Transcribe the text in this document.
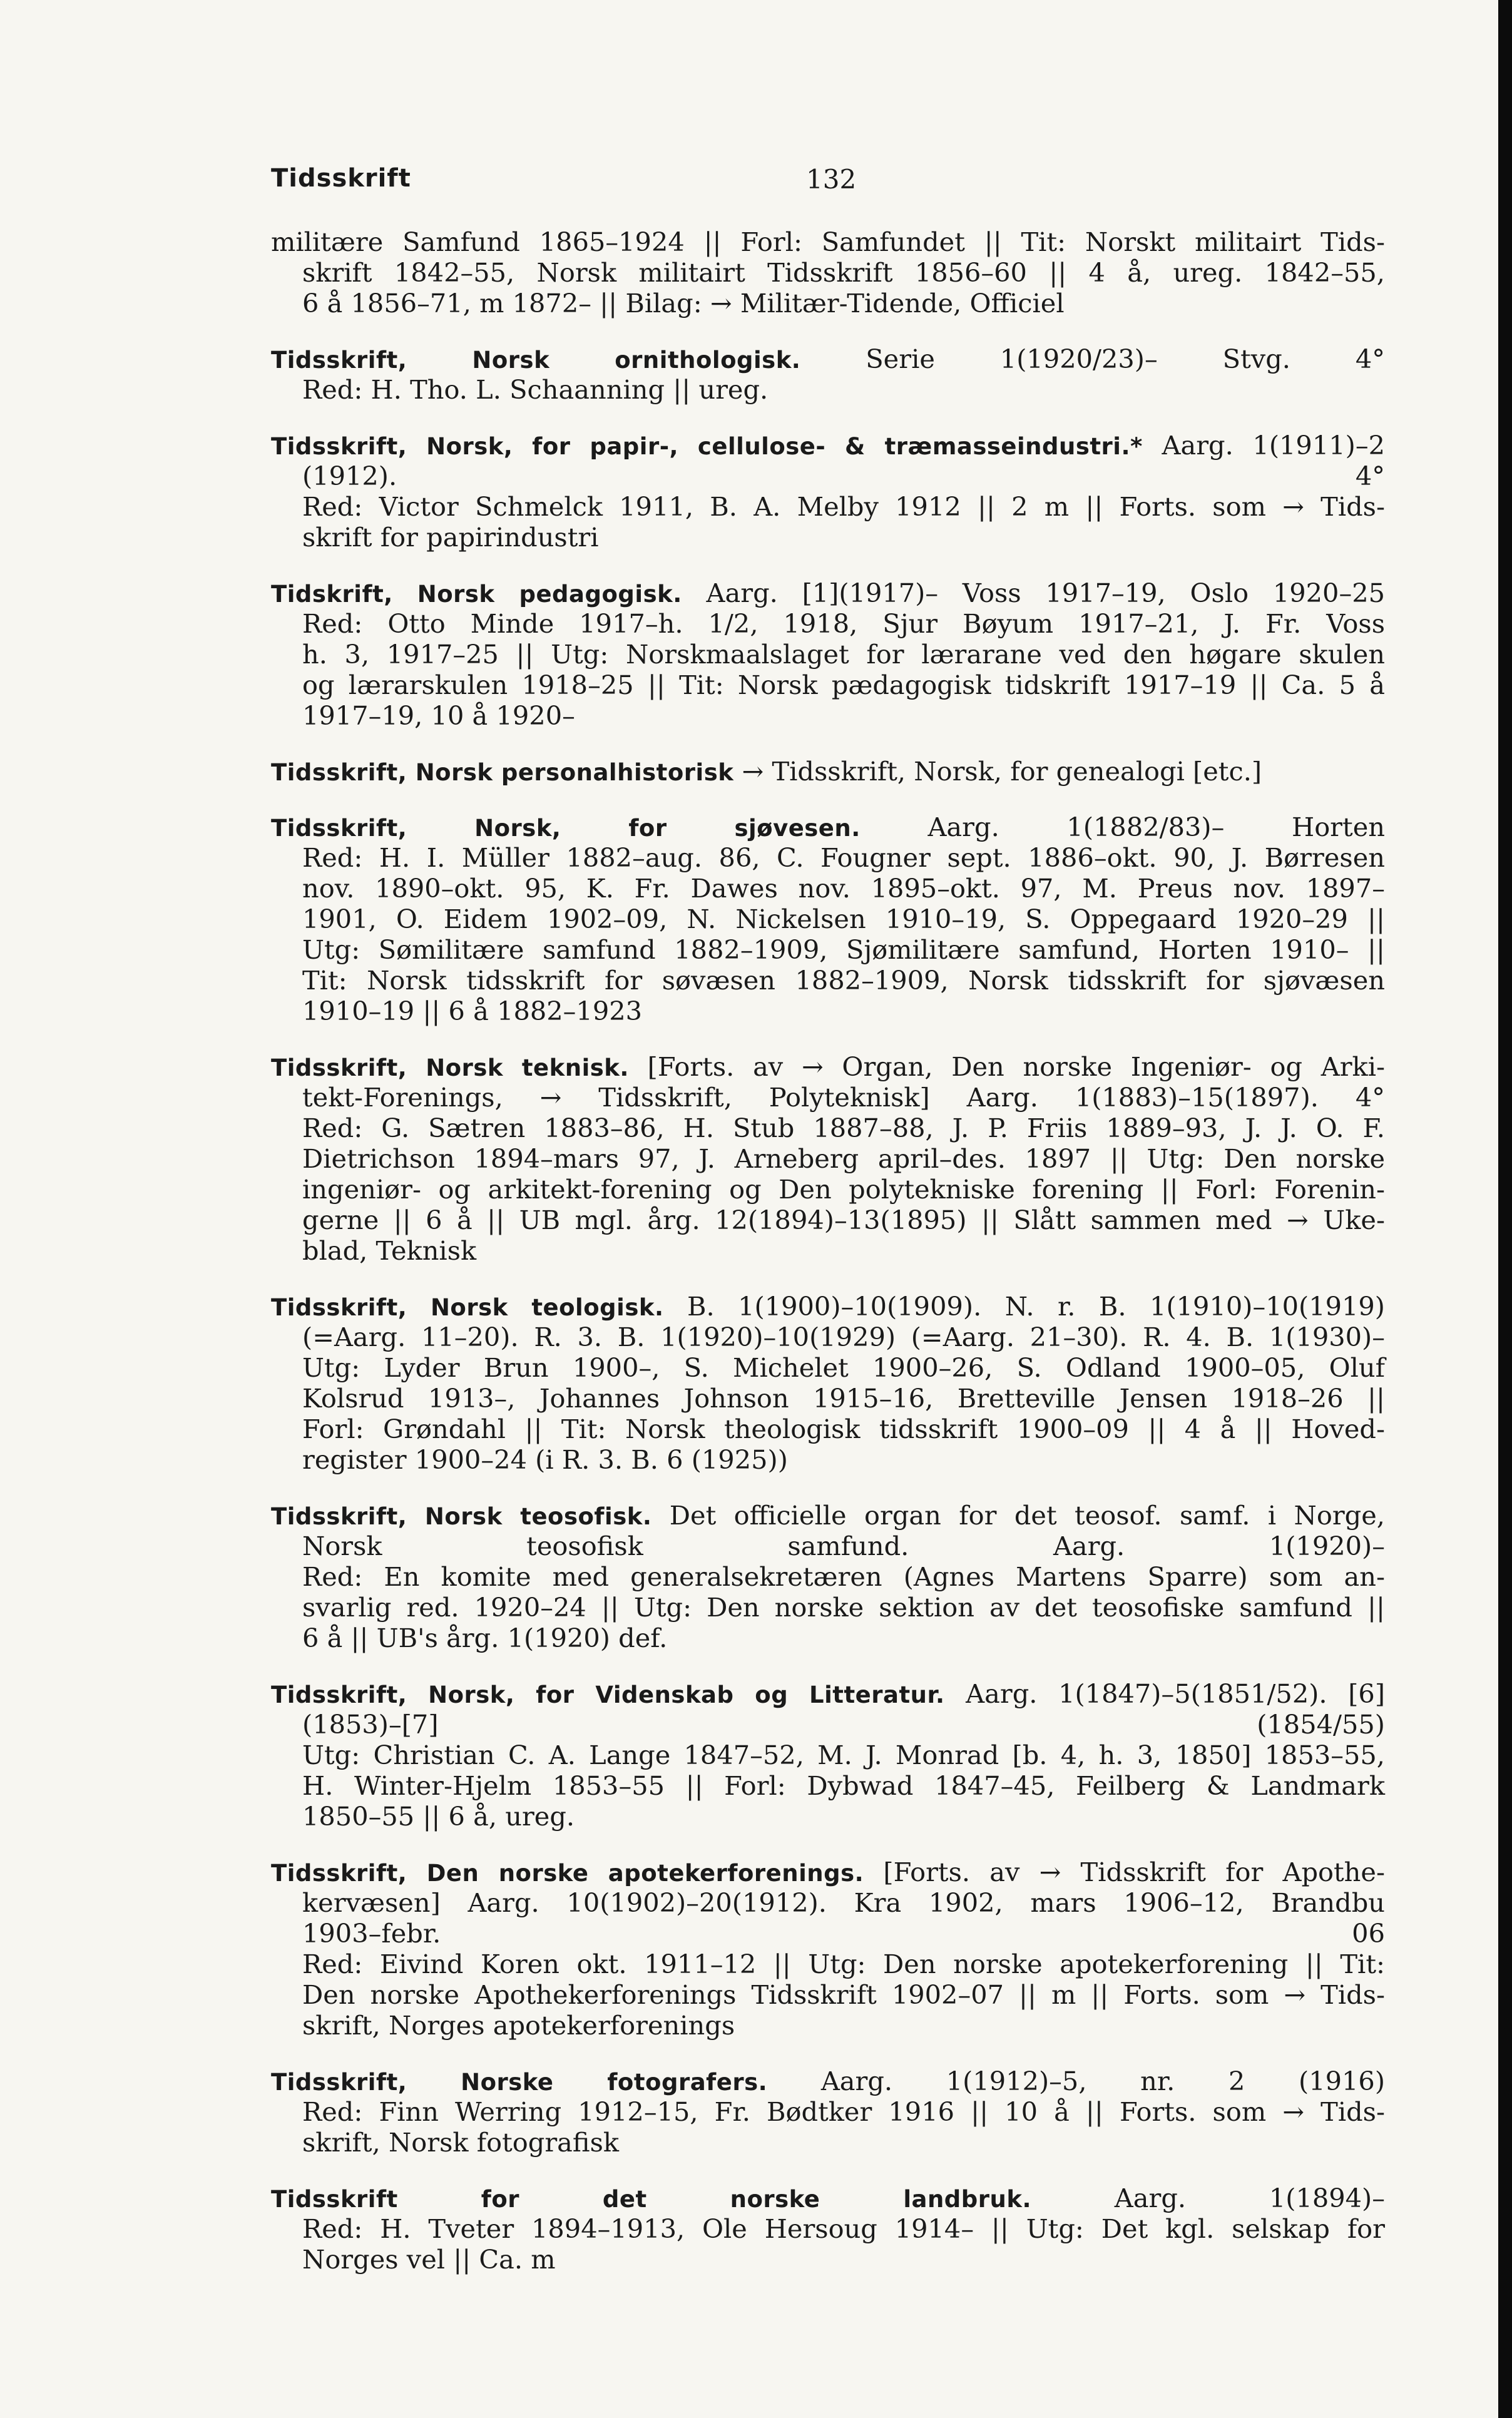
Tidsskrift	132
militære Samfund 1865–1924 || Forl: Samfundet || Tit: Norskt militairt Tids-
skrift 1842–55, Norsk militairt Tidsskrift 1856–60 || 4 å, ureg. 1842–55,
6 å 1856–71, m 1872– || Bilag: → Militær-Tidende, Officiel
Tidsskrift, Norsk ornithologisk. Serie 1(1920/23)– Stvg. 4°
Red: H. Tho. L. Schaanning || ureg.
Tidsskrift, Norsk, for papir-, cellulose- & træmasseindustri.* Aarg. 1(1911)–2
(1912). 4°
Red: Victor Schmelck 1911, B. A. Melby 1912 || 2 m || Forts. som → Tids-
skrift for papirindustri
Tidskrift, Norsk pedagogisk. Aarg. [1](1917)– Voss 1917–19, Oslo 1920–25
Red: Otto Minde 1917–h. 1/2, 1918, Sjur Bøyum 1917–21, J. Fr. Voss
h. 3, 1917–25 || Utg: Norskmaalslaget for lærarane ved den høgare skulen
og lærarskulen 1918–25 || Tit: Norsk pædagogisk tidskrift 1917–19 || Ca. 5 å
1917–19, 10 å 1920–
Tidsskrift, Norsk personalhistorisk → Tidsskrift, Norsk, for genealogi [etc.]
Tidsskrift, Norsk, for sjøvesen. Aarg. 1(1882/83)– Horten
Red: H. I. Müller 1882–aug. 86, C. Fougner sept. 1886–okt. 90, J. Børresen
nov. 1890–okt. 95, K. Fr. Dawes nov. 1895–okt. 97, M. Preus nov. 1897–
1901, O. Eidem 1902–09, N. Nickelsen 1910–19, S. Oppegaard 1920–29 ||
Utg: Sømilitære samfund 1882–1909, Sjømilitære samfund, Horten 1910– ||
Tit: Norsk tidsskrift for søvæsen 1882–1909, Norsk tidsskrift for sjøvæsen
1910–19 || 6 å 1882–1923
Tidsskrift, Norsk teknisk. [Forts. av → Organ, Den norske Ingeniør- og Arki-
tekt-Forenings, → Tidsskrift, Polyteknisk] Aarg. 1(1883)–15(1897). 4°
Red: G. Sætren 1883–86, H. Stub 1887–88, J. P. Friis 1889–93, J. J. O. F.
Dietrichson 1894–mars 97, J. Arneberg april–des. 1897 || Utg: Den norske
ingeniør- og arkitekt-forening og Den polytekniske forening || Forl: Forenin-
gerne || 6 å || UB mgl. årg. 12(1894)–13(1895) || Slått sammen med → Uke-
blad, Teknisk
Tidsskrift, Norsk teologisk. B. 1(1900)–10(1909). N. r. B. 1(1910)–10(1919)
(=Aarg. 11–20). R. 3. B. 1(1920)–10(1929) (=Aarg. 21–30). R. 4. B. 1(1930)–
Utg: Lyder Brun 1900–, S. Michelet 1900–26, S. Odland 1900–05, Oluf
Kolsrud 1913–, Johannes Johnson 1915–16, Bretteville Jensen 1918–26 ||
Forl: Grøndahl || Tit: Norsk theologisk tidsskrift 1900–09 || 4 å || Hoved-
register 1900–24 (i R. 3. B. 6 (1925))
Tidsskrift, Norsk teosofisk. Det officielle organ for det teosof. samf. i Norge,
Norsk teosofisk samfund. Aarg. 1(1920)–
Red: En komite med generalsekretæren (Agnes Martens Sparre) som an-
svarlig red. 1920–24 || Utg: Den norske sektion av det teosofiske samfund ||
6 å || UB's årg. 1(1920) def.
Tidsskrift, Norsk, for Videnskab og Litteratur. Aarg. 1(1847)–5(1851/52). [6]
(1853)–[7] (1854/55)
Utg: Christian C. A. Lange 1847–52, M. J. Monrad [b. 4, h. 3, 1850] 1853–55,
H. Winter-Hjelm 1853–55 || Forl: Dybwad 1847–45, Feilberg & Landmark
1850–55 || 6 å, ureg.
Tidsskrift, Den norske apotekerforenings. [Forts. av → Tidsskrift for Apothe-
kervæsen] Aarg. 10(1902)–20(1912). Kra 1902, mars 1906–12, Brandbu
1903–febr. 06
Red: Eivind Koren okt. 1911–12 || Utg: Den norske apotekerforening || Tit:
Den norske Apothekerforenings Tidsskrift 1902–07 || m || Forts. som → Tids-
skrift, Norges apotekerforenings
Tidsskrift, Norske fotografers. Aarg. 1(1912)–5, nr. 2 (1916)
Red: Finn Werring 1912–15, Fr. Bødtker 1916 || 10 å || Forts. som → Tids-
skrift, Norsk fotografisk
Tidsskrift for det norske landbruk. Aarg. 1(1894)–
Red: H. Tveter 1894–1913, Ole Hersoug 1914– || Utg: Det kgl. selskap for
Norges vel || Ca. m
